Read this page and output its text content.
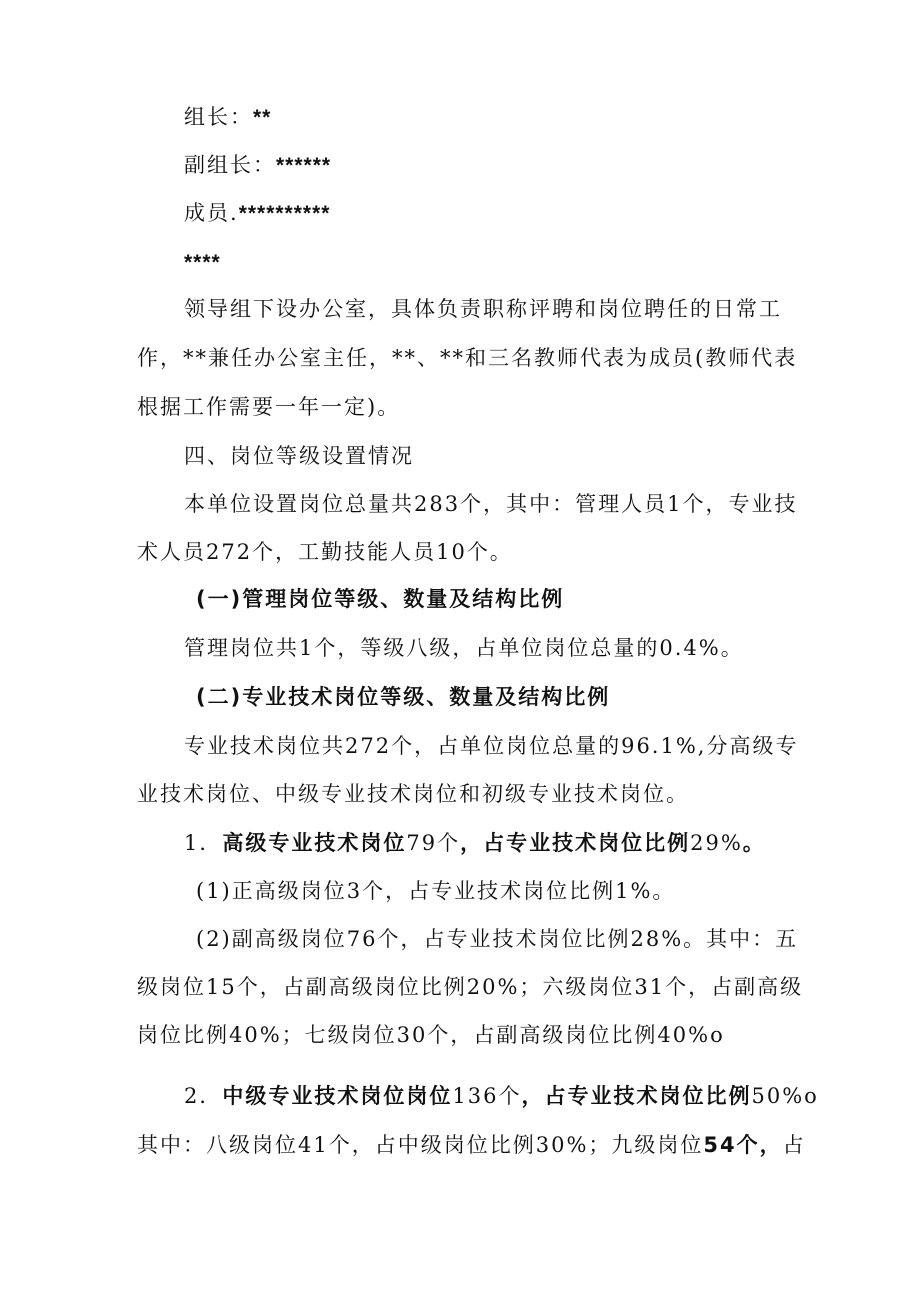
组长：**
副组长：******
成员.**********
****
领导组下设办公室，具体负责职称评聘和岗位聘任的日常工
作，**兼任办公室主任，**、**和三名教师代表为成员(教师代表
根据工作需要一年一定)。
四、岗位等级设置情况
本单位设置岗位总量共283个，其中：管理人员1个，专业技
术人员272个，工勤技能人员10个。
(一)管理岗位等级、数量及结构比例
管理岗位共1个，等级八级，占单位岗位总量的0.4%。
(二)专业技术岗位等级、数量及结构比例
专业技术岗位共272个，占单位岗位总量的96.1%,分高级专
业技术岗位、中级专业技术岗位和初级专业技术岗位。
1．高级专业技术岗位79个，占专业技术岗位比例29%。
(1)正高级岗位3个，占专业技术岗位比例1%。
(2)副高级岗位76个，占专业技术岗位比例28%。其中：五
级岗位15个，占副高级岗位比例20%；六级岗位31个，占副高级
岗位比例40%；七级岗位30个，占副高级岗位比例40%o
2．中级专业技术岗位岗位136个，占专业技术岗位比例50%o
其中：八级岗位41个，占中级岗位比例30%；九级岗位54个，占
